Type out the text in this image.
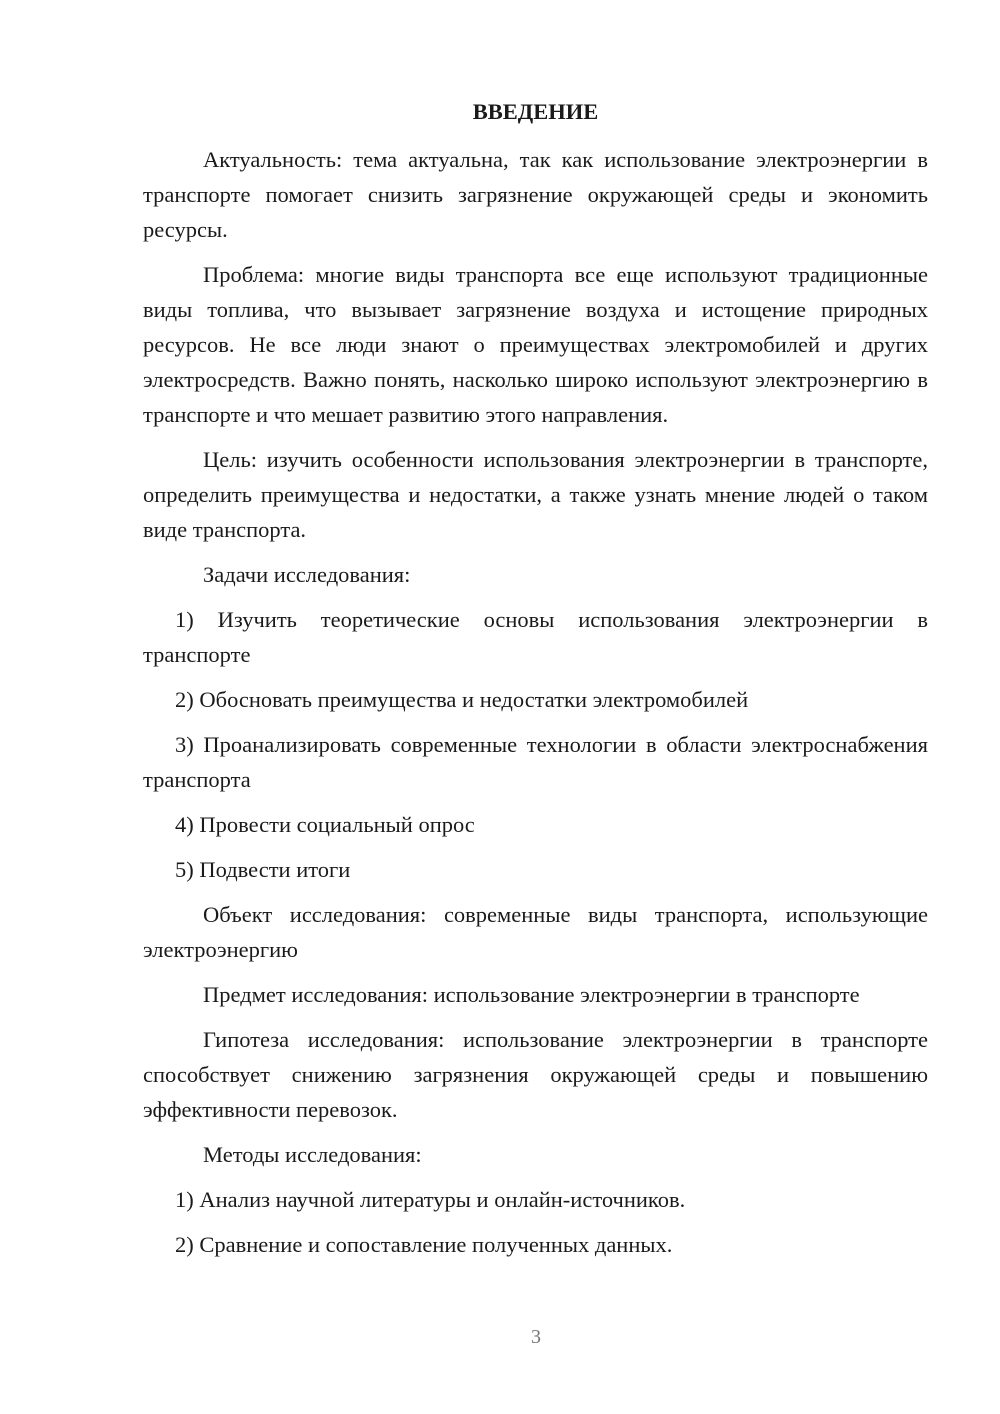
ВВЕДЕНИЕ

Актуальность: тема актуальна, так как использование электроэнергии в транспорте помогает снизить загрязнение окружающей среды и экономить ресурсы.

Проблема: многие виды транспорта все еще используют традиционные виды топлива, что вызывает загрязнение воздуха и истощение природных ресурсов. Не все люди знают о преимуществах электромобилей и других электросредств. Важно понять, насколько широко используют электроэнергию в транспорте и что мешает развитию этого направления.

Цель: изучить особенности использования электроэнергии в транспорте, определить преимущества и недостатки, а также узнать мнение людей о таком виде транспорта.

Задачи исследования:

1) Изучить теоретические основы использования электроэнергии в транспорте

2) Обосновать преимущества и недостатки электромобилей

3) Проанализировать современные технологии в области электроснабжения транспорта

4) Провести социальный опрос

5) Подвести итоги

Объект исследования: современные виды транспорта, использующие электроэнергию

Предмет исследования: использование электроэнергии в транспорте

Гипотеза исследования: использование электроэнергии в транспорте способствует снижению загрязнения окружающей среды и повышению эффективности перевозок.

Методы исследования:

1) Анализ научной литературы и онлайн-источников.

2) Сравнение и сопоставление полученных данных.

3
